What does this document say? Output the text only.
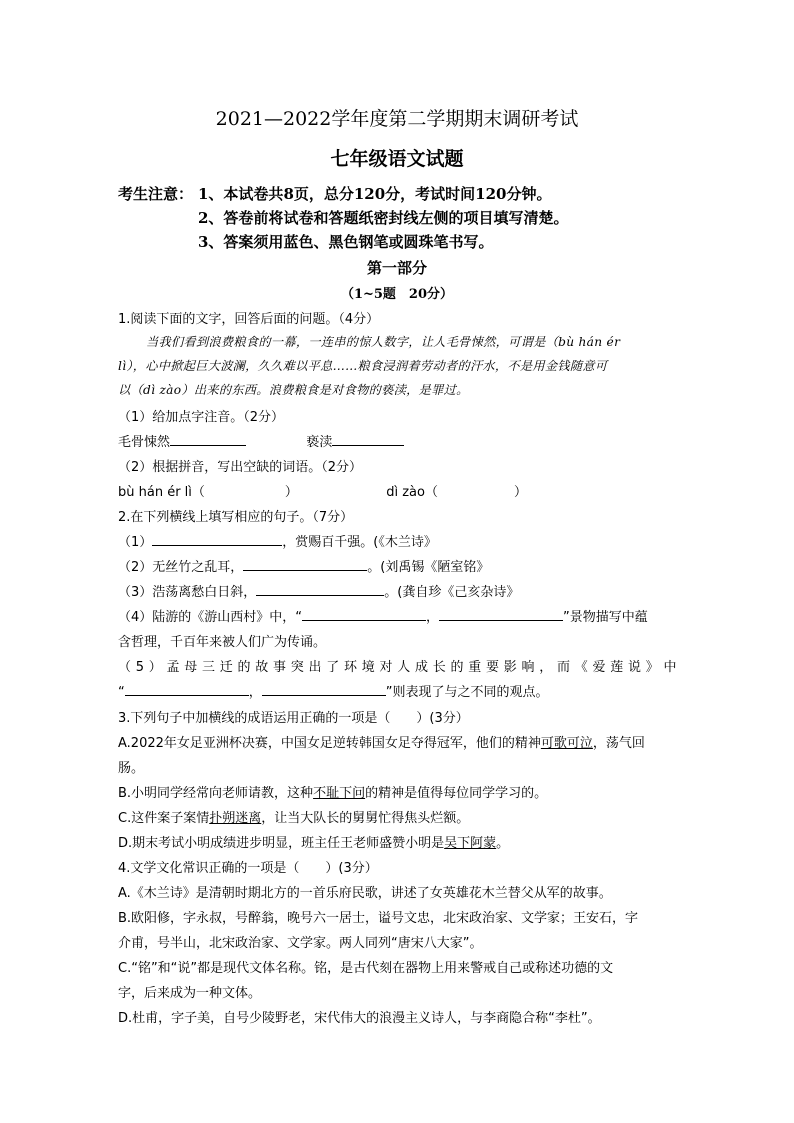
2021—2022学年度第二学期期末调研考试
七年级语文试题
考生注意： 1、本试卷共8页，总分120分，考试时间120分钟。
2、答卷前将试卷和答题纸密封线左侧的项目填写清楚。
3、答案须用蓝色、黑色钢笔或圆珠笔书写。
第一部分
（1~5题　20分）
1.阅读下面的文字，回答后面的问题。（4分）
当我们看到浪费粮食的一幕，一连串的惊人数字，让人毛骨悚然，可谓是（bù hán ér
lì），心中掀起巨大波澜，久久难以平息……粮食浸润着劳动者的汗水，不是用金钱随意可
以（dì zào）出来的东西。浪费粮食是对食物的亵渎，是罪过。
（1）给加点字注音。（2分）
毛骨悚然	亵渎
（2）根据拼音，写出空缺的词语。（2分）
bù hán ér lì（	）	dì zào（	）
2.在下列横线上填写相应的句子。（7分）
（1）	，赏赐百千强。(《木兰诗》
（2）无丝竹之乱耳，	。(刘禹锡《陋室铭》
（3）浩荡离愁白日斜，	。(龚自珍《己亥杂诗》
（4）陆游的《游山西村》中，“	，	”景物描写中蕴
含哲理，千百年来被人们广为传诵。
（5）孟母三迁的故事突出了环境对人成长的重要影响，而《爱莲说》中
“	，	”则表现了与之不同的观点。
3.下列句子中加横线的成语运用正确的一项是（　　）(3分）
A.2022年女足亚洲杯决赛，中国女足逆转韩国女足夺得冠军，他们的精神可歌可泣，荡气回
肠。
B.小明同学经常向老师请教，这种不耻下问的精神是值得每位同学学习的。
C.这件案子案情扑朔迷离，让当大队长的舅舅忙得焦头烂额。
D.期末考试小明成绩进步明显，班主任王老师盛赞小明是吴下阿蒙。
4.文学文化常识正确的一项是（　　）(3分）
A.《木兰诗》是清朝时期北方的一首乐府民歌，讲述了女英雄花木兰替父从军的故事。
B.欧阳修，字永叔，号醉翁，晚号六一居士，谥号文忠，北宋政治家、文学家；王安石，字
介甫，号半山，北宋政治家、文学家。两人同列“唐宋八大家”。
C.“铭”和“说”都是现代文体名称。铭，是古代刻在器物上用来警戒自己或称述功德的文
字，后来成为一种文体。
D.杜甫，字子美，自号少陵野老，宋代伟大的浪漫主义诗人，与李商隐合称“李杜”。
